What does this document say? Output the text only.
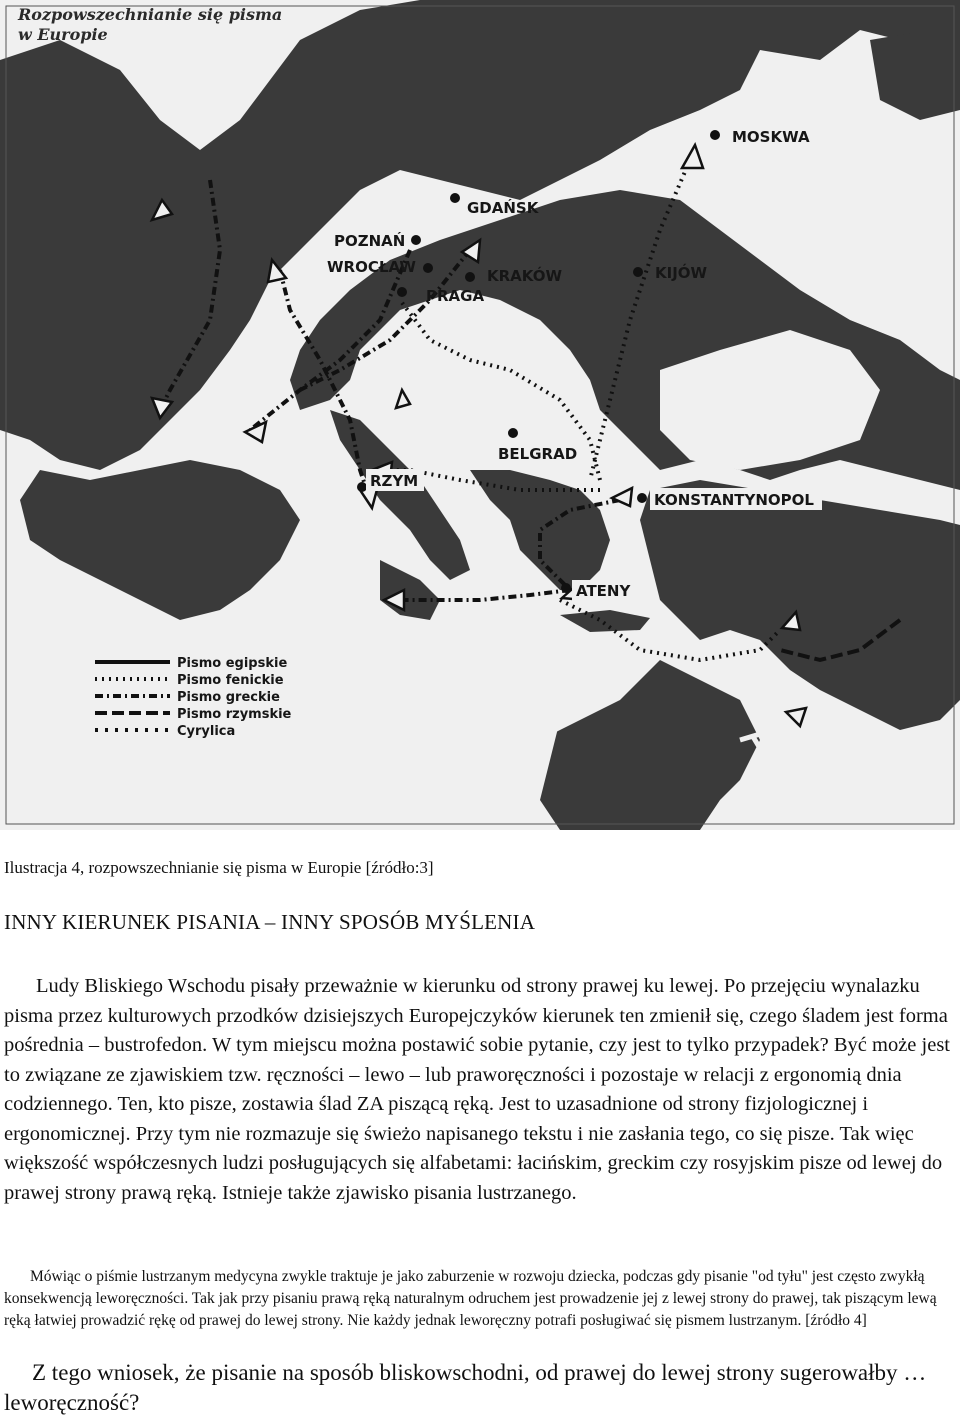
Rozpowszechnianie się pisma
w Europie
MOSKWA
GDAŃSK
POZNAŃ
WROCŁAW	KRAKÓW
PRAGA
KIJÓW
BELGRAD
RZYM
KONSTANTYNOPOL
ATENY
Pismo egipskie
Pismo fenickie
Pismo greckie
Pismo rzymskie
Cyrylica
Ilustracja 4, rozpowszechnianie się pisma w Europie [źródło:3]
INNY KIERUNEK PISANIA – INNY SPOSÓB MYŚLENIA

Ludy Bliskiego Wschodu pisały przeważnie w kierunku od strony prawej ku lewej. Po przejęciu wynalazku pisma przez kulturowych przodków dzisiejszych Europejczyków kierunek ten zmienił się, czego śladem jest forma pośrednia – bustrofedon. W tym miejscu można postawić sobie pytanie, czy jest to tylko przypadek? Być może jest to związane ze zjawiskiem tzw. ręczności – lewo – lub praworęczności i pozostaje w relacji z ergonomią dnia codziennego. Ten, kto pisze, zostawia ślad ZA piszącą ręką. Jest to uzasadnione od strony fizjologicznej i ergonomicznej. Przy tym nie rozmazuje się świeżo napisanego tekstu i nie zasłania tego, co się pisze. Tak więc większość współczesnych ludzi posługujących się alfabetami: łacińskim, greckim czy rosyjskim pisze od lewej do prawej strony prawą ręką. Istnieje także zjawisko pisania lustrzanego.

Mówiąc o piśmie lustrzanym medycyna zwykle traktuje je jako zaburzenie w rozwoju dziecka, podczas gdy pisanie "od tyłu" jest często zwykłą konsekwencją leworęczności. Tak jak przy pisaniu prawą ręką naturalnym odruchem jest prowadzenie jej z lewej strony do prawej, tak piszącym lewą ręką łatwiej prowadzić rękę od prawej do lewej strony. Nie każdy jednak leworęczny potrafi posługiwać się pismem lustrzanym. [źródło 4]

Z tego wniosek, że pisanie na sposób bliskowschodni, od prawej do lewej strony sugerowałby … leworęczność?
